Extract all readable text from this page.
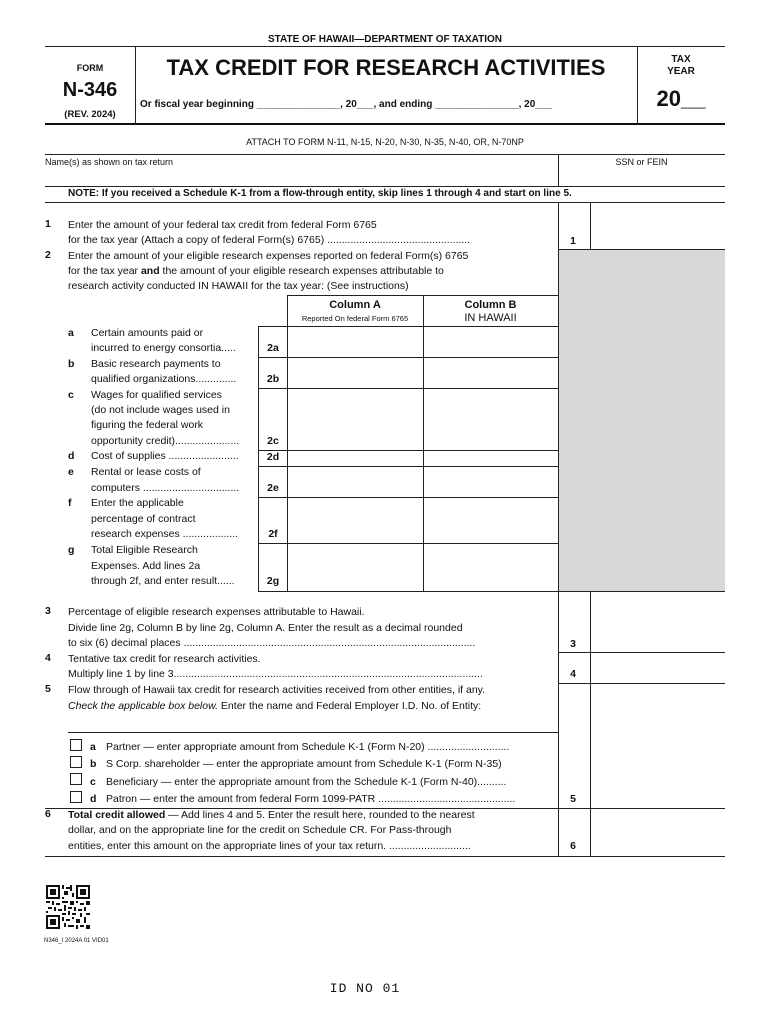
STATE OF HAWAII—DEPARTMENT OF TAXATION
FORM
N-346
(REV. 2024)
TAX CREDIT FOR RESEARCH ACTIVITIES
Or fiscal year beginning _______________, 20___, and ending _______________, 20___
TAX
YEAR
20__
ATTACH TO FORM N-11, N-15, N-20, N-30, N-35, N-40, OR, N-70NP
Name(s) as shown on tax return	SSN or FEIN
NOTE: If you received a Schedule K-1 from a flow-through entity, skip lines 1 through 4 and start on line 5.
1 Enter the amount of your federal tax credit from federal Form 6765
for the tax year (Attach a copy of federal Form(s) 6765) .................................................	1
2 Enter the amount of your eligible research expenses reported on federal Form(s) 6765
for the tax year and the amount of your eligible research expenses attributable to
research activity conducted IN HAWAII for the tax year: (See instructions)
Column A
Reported On federal Form 6765
Column B
IN HAWAII
a Certain amounts paid or
incurred to energy consortia.....	2a
b Basic research payments to
qualified organizations..............	2b
c Wages for qualified services
(do not include wages used in
figuring the federal work
opportunity credit)......................	2c
d Cost of supplies ........................	2d
e Rental or lease costs of
computers .................................	2e
f Enter the applicable
percentage of contract
research expenses ...................	2f
g Total Eligible Research
Expenses. Add lines 2a
through 2f, and enter result......	2g
3 Percentage of eligible research expenses attributable to Hawaii.
Divide line 2g, Column B by line 2g, Column A. Enter the result as a decimal rounded
to six (6) decimal places ....................................................................................................	3
4 Tentative tax credit for research activities.
Multiply line 1 by line 3..........................................................................................................	4
5 Flow through of Hawaii tax credit for research activities received from other entities, if any.
Check the applicable box below. Enter the name and Federal Employer I.D. No. of Entity:
a Partner — enter appropriate amount from Schedule K-1 (Form N-20) ............................
b S Corp. shareholder — enter the appropriate amount from Schedule K-1 (Form N-35)
c Beneficiary — enter the appropriate amount from the Schedule K-1 (Form N-40)..........
d Patron — enter the amount from federal Form 1099-PATR ...............................................	5
6 Total credit allowed — Add lines 4 and 5. Enter the result here, rounded to the nearest
dollar, and on the appropriate line for the credit on Schedule CR. For Pass-through
entities, enter this amount on the appropriate lines of your tax return. ............................	6
N346_I 2024A 01 VID01
ID NO 01
